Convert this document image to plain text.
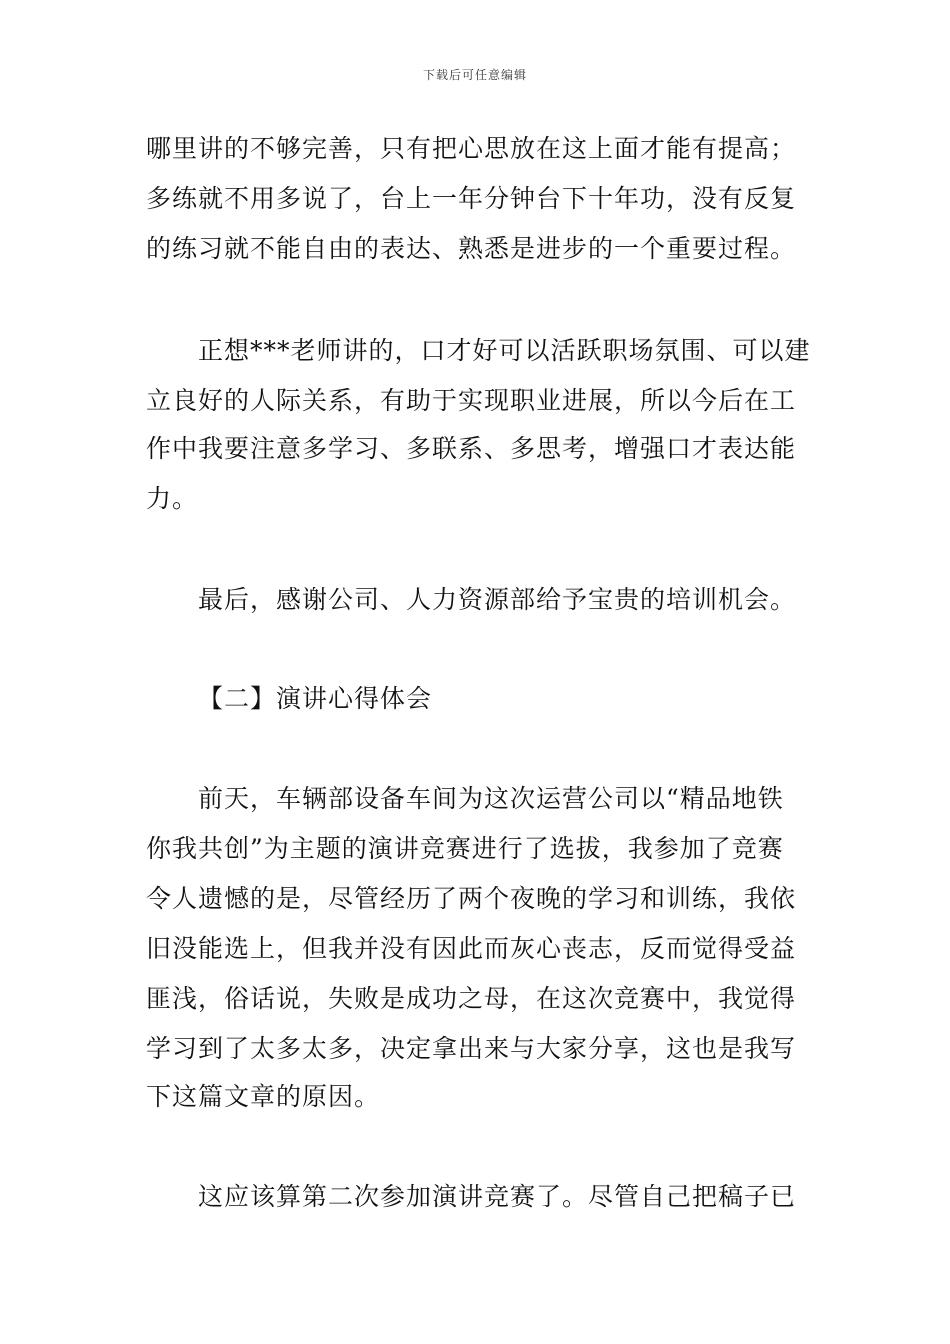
下载后可任意编辑
哪里讲的不够完善，只有把心思放在这上面才能有提高；
多练就不用多说了，台上一年分钟台下十年功，没有反复
的练习就不能自由的表达、熟悉是进步的一个重要过程。
正想***老师讲的，口才好可以活跃职场氛围、可以建
立良好的人际关系，有助于实现职业进展，所以今后在工
作中我要注意多学习、多联系、多思考，增强口才表达能
力。
最后，感谢公司、人力资源部给予宝贵的培训机会。
【二】演讲心得体会
前天，车辆部设备车间为这次运营公司以“精品地铁
你我共创”为主题的演讲竞赛进行了选拔，我参加了竞赛
令人遗憾的是，尽管经历了两个夜晚的学习和训练，我依
旧没能选上，但我并没有因此而灰心丧志，反而觉得受益
匪浅，俗话说，失败是成功之母，在这次竞赛中，我觉得
学习到了太多太多，决定拿出来与大家分享，这也是我写
下这篇文章的原因。
这应该算第二次参加演讲竞赛了。尽管自己把稿子已
